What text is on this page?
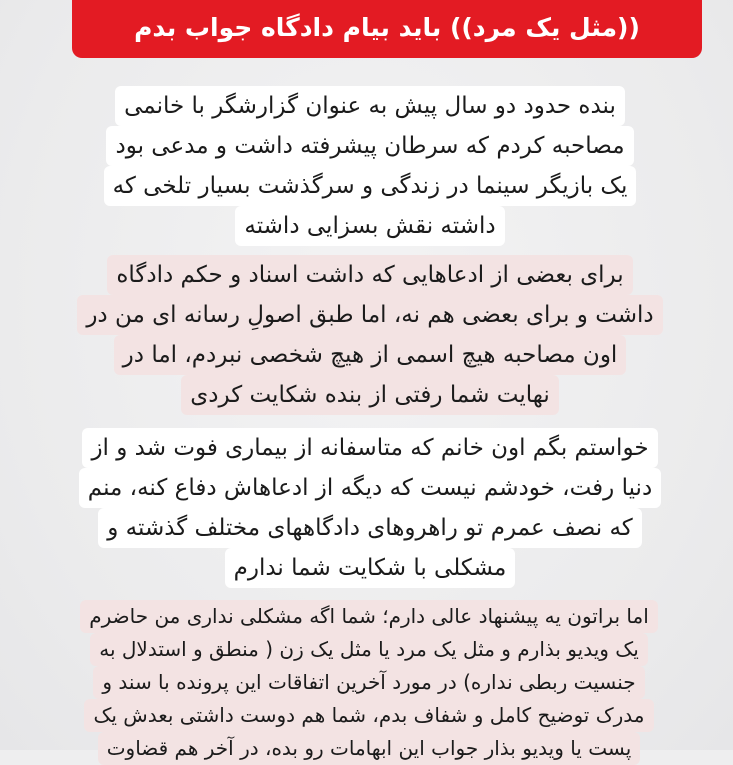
((مثل یک مرد)) باید بیام دادگاه جواب بدم
بنده حدود دو سال پیش به عنوان گزارشگر با خانمی
مصاحبه کردم که سرطان پیشرفته داشت و مدعی بود
یک بازیگر سینما در زندگی و سرگذشت بسیار تلخی که
داشته نقش بسزایی داشته
برای بعضی از ادعاهایی که داشت اسناد و حکم دادگاه
داشت و برای بعضی هم نه، اما طبق اصولِ رسانه ای من در
اون مصاحبه هیچ اسمی از هیچ شخصی نبردم، اما در
نهایت شما رفتی از بنده شکایت کردی
خواستم بگم اون خانم که متاسفانه از بیماری فوت شد و از
دنیا رفت، خودشم نیست که دیگه از ادعاهاش دفاع کنه، منم
که نصف عمرم تو راهروهای دادگاههای مختلف گذشته و
مشکلی با شکایت شما ندارم
اما براتون یه پیشنهاد عالی دارم؛ شما اگه مشکلی نداری من حاضرم
یک ویدیو بذارم و مثل یک مرد یا مثل یک زن ( منطق و استدلال به
جنسیت ربطی نداره) در مورد آخرین اتفاقات این پرونده با سند و
مدرک توضیح کامل و شفاف بدم، شما هم دوست داشتی بعدش یک
پست یا ویدیو بذار جواب این ابهامات رو بده، در آخر هم قضاوت
